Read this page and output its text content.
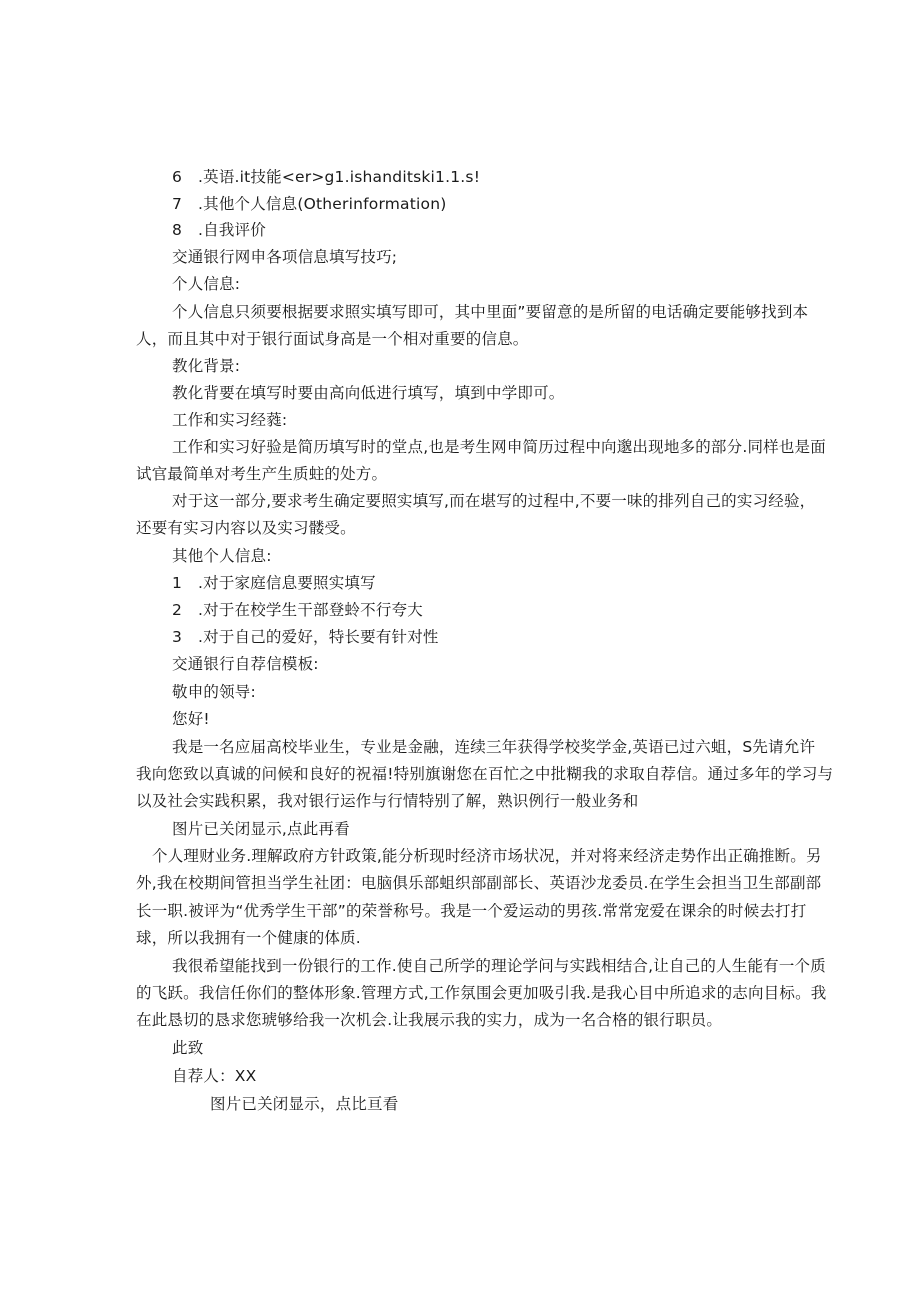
6 .英语.it技能<er>g1.ishanditski1.1.s!
7 .其他个人信息(Otherinformation)
8 .自我评价
交通银行网申各项信息填写技巧;
个人信息:
个人信息只须要根据要求照实填写即可，其中里面”要留意的是所留的电话确定要能够找到本
人，而且其中对于银行面试身高是一个相对重要的信息。
教化背景:
教化背要在填写时要由高向低进行填写，填到中学即可。
工作和实习经蕤:
工作和实习好验是简历填写时的堂点,也是考生网申简历过程中向邈出现地多的部分.同样也是面
试官最简单对考生产生质蛀的处方。
对于这一部分,要求考生确定要照实填写,而在堪写的过程中,不要一味的排列自己的实习经验，
还要有实习内容以及实习髅受。
其他个人信息:
1 .对于家庭信息要照实填写
2 .对于在校学生干部登蛉不行夸大
3 .对于自己的爱好，特长要有针对性
交通银行自荐信模板:
敬申的领导:
您好!
我是一名应届高校毕业生，专业是金融，连续三年获得学校奖学金,英语已过六蛆，S先请允许
我向您致以真诚的问候和良好的祝福!特别旗谢您在百忙之中批糊我的求取自荐信。通过多年的学习与
以及社会实践积累，我对银行运作与行情特别了解，熟识例行一般业务和
图片已关闭显示,点此再看
个人理财业务.理解政府方针政策,能分析现时经济市场状况，并对将来经济走势作出正确推断。另
外,我在校期间管担当学生社团：电脑俱乐部蛆织部副部长、英语沙龙委员.在学生会担当卫生部副部
长一职.被评为“优秀学生干部”的荣誉称号。我是一个爱运动的男孩.常常宠爱在课余的时候去打打
球，所以我拥有一个健康的体质.
我很希望能找到一份银行的工作.使自己所学的理论学问与实践相结合,让自己的人生能有一个质
的飞跃。我信任你们的整体形象.管理方式,工作氛围会更加吸引我.是我心目中所追求的志向目标。我
在此恳切的恳求您琥够给我一次机会.让我展示我的实力，成为一名合格的银行职员。
此致
自荐人：XX
图片已关闭显示，点比亘看
